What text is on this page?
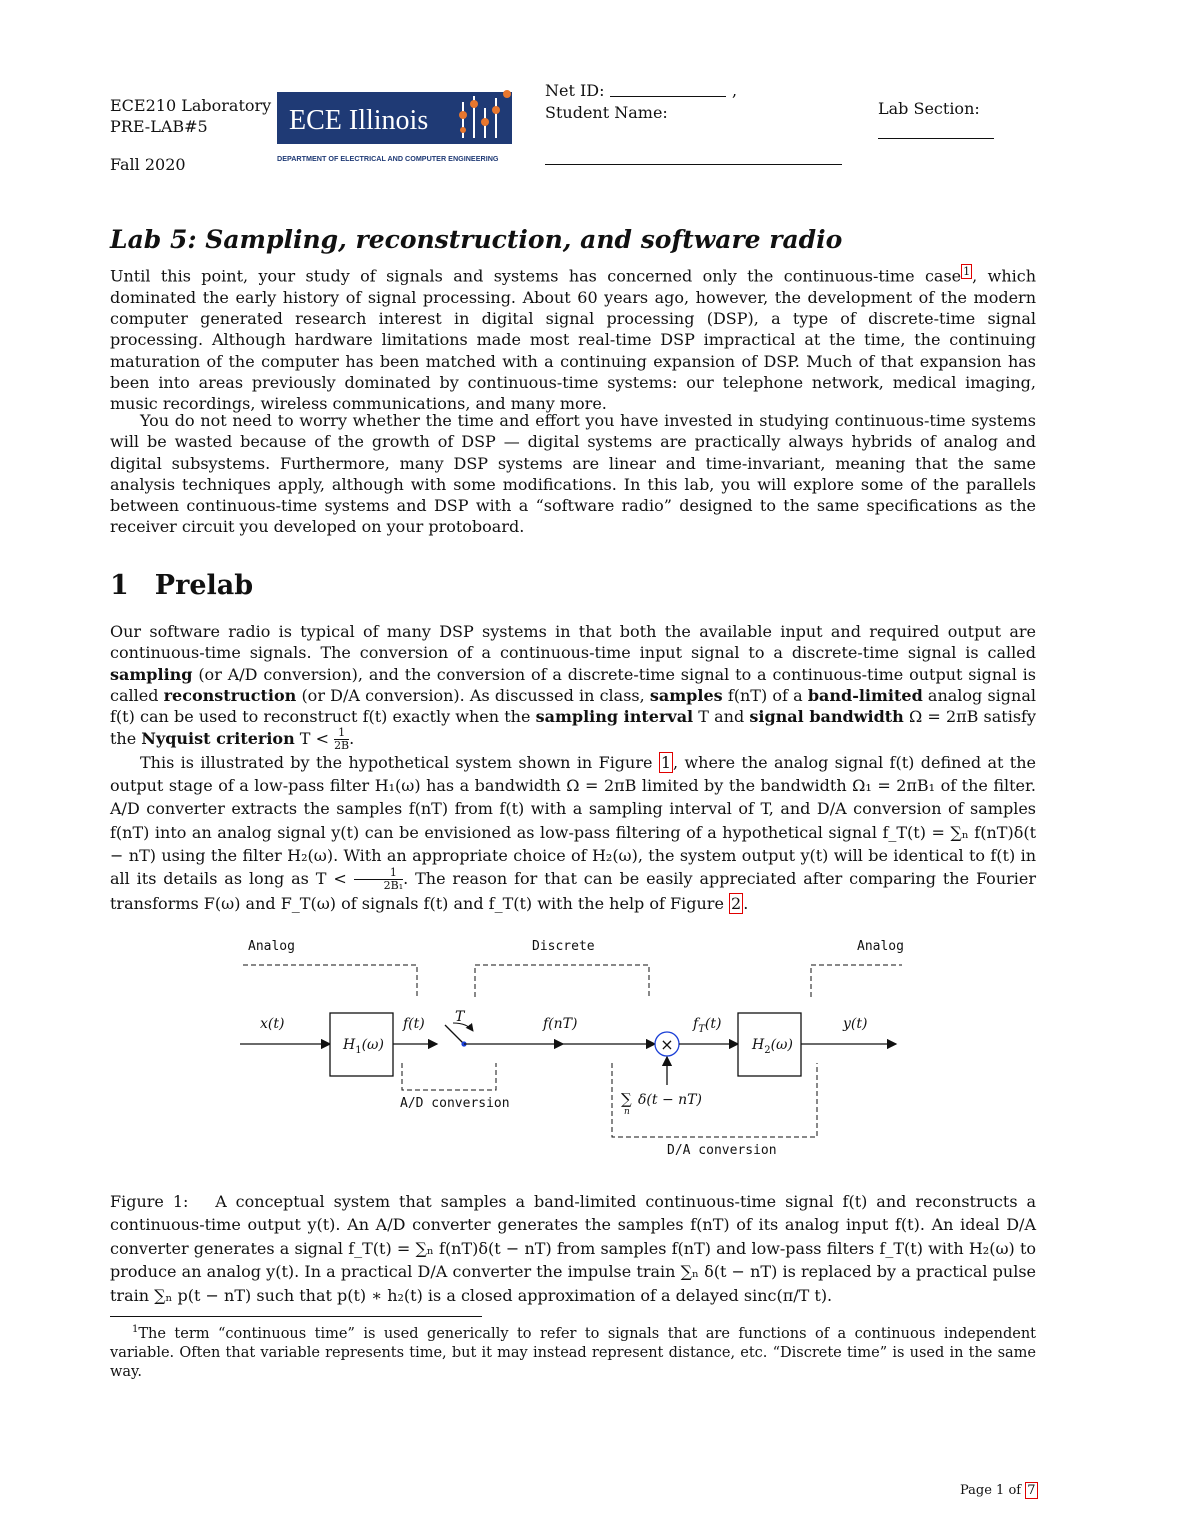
ECE210 Laboratory
PRE-LAB#5
Fall 2020
ECE Illinois
DEPARTMENT OF ELECTRICAL AND COMPUTER ENGINEERING
Net ID:	,
Student Name:	Lab Section:
Lab 5: Sampling, reconstruction, and software radio
Until this point, your study of signals and systems has concerned only the continuous-time case $^1$ , which dominated the early history of signal processing. About 60 years ago, however, the development of the modern computer generated research interest in digital signal processing (DSP), a type of discrete-time signal processing. Although hardware limitations made most real-time DSP impractical at the time, the continuing maturation of the computer has been matched with a continuing expansion of DSP. Much of that expansion has been into areas previously dominated by continuous-time systems: our telephone network, medical imaging, music recordings, wireless communications, and many more.
You do not need to worry whether the time and effort you have invested in studying continuous-time systems will be wasted because of the growth of DSP — digital systems are practically always hybrids of analog and digital subsystems. Furthermore, many DSP systems are linear and time-invariant, meaning that the same analysis techniques apply, although with some modifications. In this lab, you will explore some of the parallels between continuous-time systems and DSP with a “software radio” designed to the same specifications as the receiver circuit you developed on your protoboard.
1 Prelab
Our software radio is typical of many DSP systems in that both the available input and required output are continuous-time signals. The conversion of a continuous-time input signal to a discrete-time signal is called sampling (or A/D conversion), and the conversion of a discrete-time signal to a continuous-time output signal is called reconstruction (or D/A conversion). As discussed in class, samples f(nT) of a band-limited analog signal f(t) can be used to reconstruct f(t) exactly when the sampling interval T and signal bandwidth Ω = 2πB satisfy the Nyquist criterion $T < \frac{1}{2B}$ .
This is illustrated by the hypothetical system shown in Figure 1 , where the analog signal f(t) defined at the output stage of a low-pass filter H₁(ω) has a bandwidth Ω = 2πB limited by the bandwidth Ω₁ = 2πB₁ of the filter. A/D converter extracts the samples f(nT) from f(t) with a sampling interval of T, and D/A conversion of samples f(nT) into an analog signal y(t) can be envisioned as low-pass filtering of a hypothetical signal f_T(t) = ∑ₙ f(nT)δ(t − nT) using the filter H₂(ω). With an appropriate choice of H₂(ω), the system output y(t) will be identical to f(t) in all its details as long as $T < \frac{1}{\text{2B₁}}$ . The reason for that can be easily appreciated after comparing the Fourier transforms F(ω) and F_T(ω) of signals f(t) and f_T(t) with the help of Figure 2 .
Analog	Discrete	Analog
×
x(t)
$H_1(\omega)$
f(t) T	f(nT)	$f_T(t)$
$H_2(\omega)$
y(t)
∑
n
δ(t − nT)
A/D conversion
D/A conversion
Figure 1: A conceptual system that samples a band-limited continuous-time signal f(t) and reconstructs a continuous-time output y(t). An A/D converter generates the samples f(nT) of its analog input f(t). An ideal D/A converter generates a signal f_T(t) = ∑ₙ f(nT)δ(t − nT) from samples f(nT) and low-pass filters f_T(t) with H₂(ω) to produce an analog y(t). In a practical D/A converter the impulse train ∑ₙ δ(t − nT) is replaced by a practical pulse train ∑ₙ p(t − nT) such that p(t) ∗ h₂(t) is a closed approximation of a delayed sinc(π/T t).
$^1$The term “continuous time” is used generically to refer to signals that are functions of a continuous independent variable. Often that variable represents time, but it may instead represent distance, etc. “Discrete time” is used in the same way.
Page 1 of 7
